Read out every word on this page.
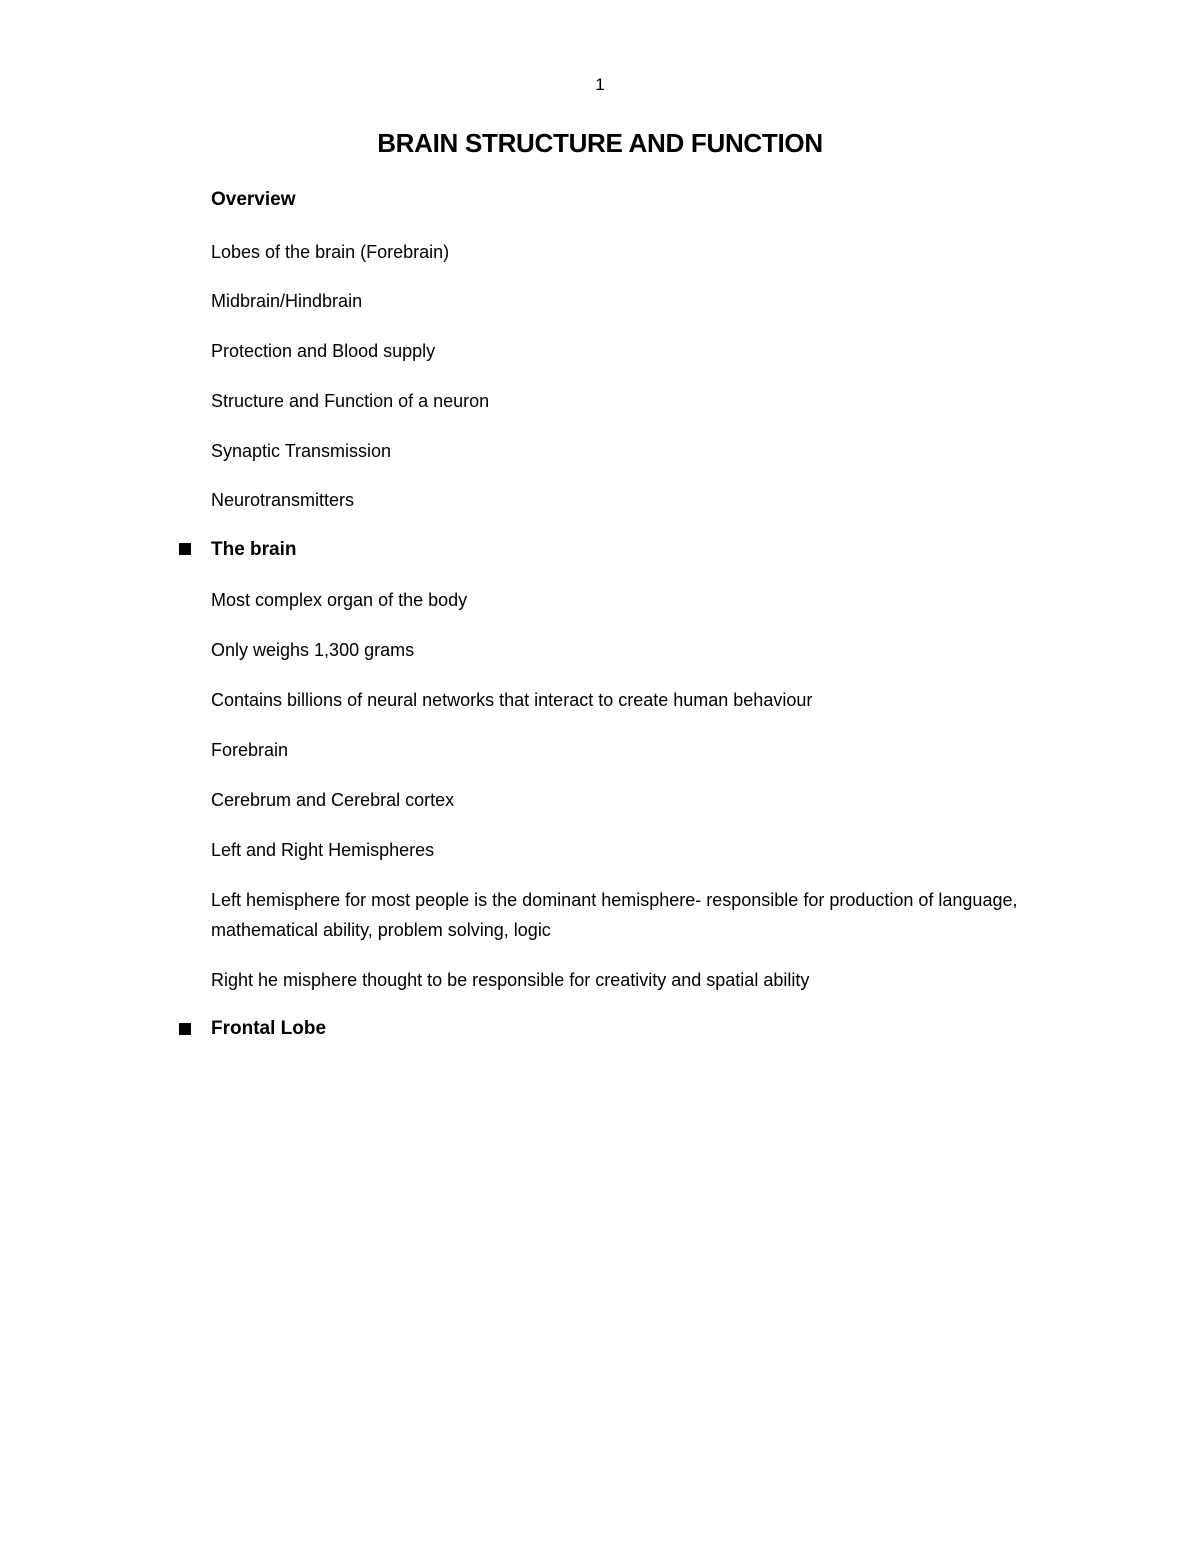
1
BRAIN STRUCTURE AND FUNCTION
Overview
Lobes of the brain (Forebrain)
Midbrain/Hindbrain
Protection and Blood supply
Structure and Function of a neuron
Synaptic Transmission
Neurotransmitters
The brain
Most complex organ of the body
Only weighs 1,300 grams
Contains billions of neural networks that interact to create human behaviour
Forebrain
Cerebrum and Cerebral cortex
Left and Right Hemispheres
Left hemisphere for most people is the dominant hemisphere- responsible for production of language, mathematical ability, problem solving, logic
Right he misphere thought to be responsible for creativity and spatial ability
Frontal Lobe
